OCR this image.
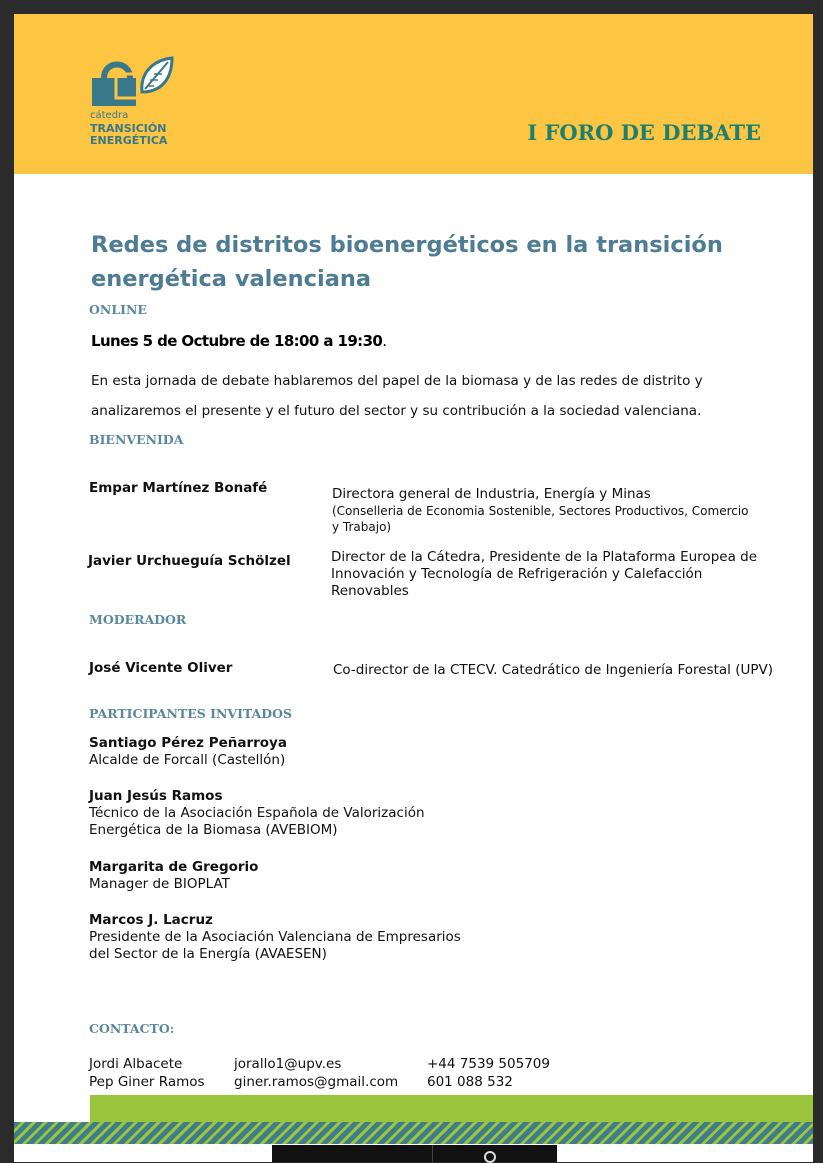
cátedra
TRANSICIÓN
ENERGÉTICA	I FORO DE DEBATE
Redes de distritos bioenergéticos en la transición energética valenciana
ONLINE
Lunes 5 de Octubre de 18:00 a 19:30.
En esta jornada de debate hablaremos del papel de la biomasa y de las redes de distrito y analizaremos el presente y el futuro del sector y su contribución a la sociedad valenciana.
BIENVENIDA
Empar Martínez Bonafé	Directora general de Industria, Energía y Minas
(Conselleria de Economia Sostenible, Sectores Productivos, Comercio y Trabajo)
Javier Urchueguía Schölzel	Director de la Cátedra, Presidente de la Plataforma Europea de Innovación y Tecnología de Refrigeración y Calefacción Renovables
MODERADOR
José Vicente Oliver	Co-director de la CTECV. Catedrático de Ingeniería Forestal (UPV)
PARTICIPANTES INVITADOS
Santiago Pérez Peñarroya
Alcalde de Forcall (Castellón)
Juan Jesús Ramos
Técnico de la Asociación Española de Valorización
Energética de la Biomasa (AVEBIOM)
Margarita de Gregorio
Manager de BIOPLAT
Marcos J. Lacruz
Presidente de la Asociación Valenciana de Empresarios
del Sector de la Energía (AVAESEN)
CONTACTO:
Jordi Albacete	jorallo1@upv.es	+44 7539 505709
Pep Giner Ramos giner.ramos@gmail.com 601 088 532
